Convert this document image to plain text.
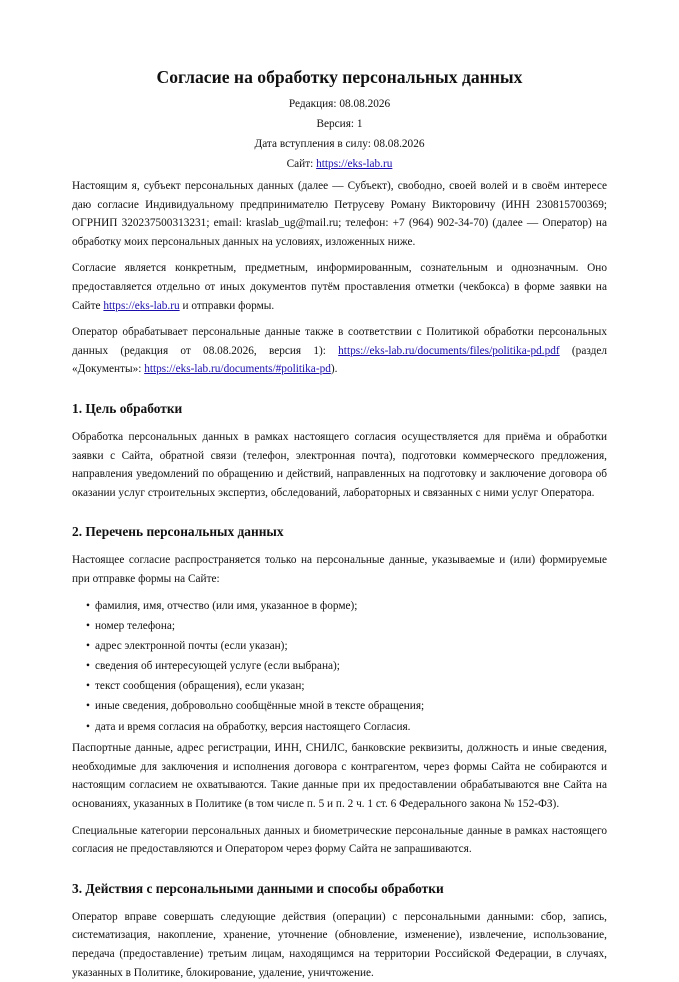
Согласие на обработку персональных данных
Редакция: 08.08.2026
Версия: 1
Дата вступления в силу: 08.08.2026
Сайт: https://eks-lab.ru

Настоящим я, субъект персональных данных (далее — Субъект), свободно, своей волей и в своём интересе даю согласие Индивидуальному предпринимателю Петрусеву Роману Викторовичу (ИНН 230815700369; ОГРНИП 320237500313231; email: kraslab_ug@mail.ru; телефон: +7 (964) 902-34-70) (далее — Оператор) на обработку моих персональных данных на условиях, изложенных ниже.

Согласие является конкретным, предметным, информированным, сознательным и однозначным. Оно предоставляется отдельно от иных документов путём проставления отметки (чекбокса) в форме заявки на Сайте https://eks-lab.ru и отправки формы.

Оператор обрабатывает персональные данные также в соответствии с Политикой обработки персональных данных (редакция от 08.08.2026, версия 1): https://eks-lab.ru/documents/files/politika-pd.pdf (раздел «Документы»: https://eks-lab.ru/documents/#politika-pd).

1. Цель обработки

Обработка персональных данных в рамках настоящего согласия осуществляется для приёма и обработки заявки с Сайта, обратной связи (телефон, электронная почта), подготовки коммерческого предложения, направления уведомлений по обращению и действий, направленных на подготовку и заключение договора об оказании услуг строительных экспертиз, обследований, лабораторных и связанных с ними услуг Оператора.

2. Перечень персональных данных

Настоящее согласие распространяется только на персональные данные, указываемые и (или) формируемые при отправке формы на Сайте:

• фамилия, имя, отчество (или имя, указанное в форме);
• номер телефона;
• адрес электронной почты (если указан);
• сведения об интересующей услуге (если выбрана);
• текст сообщения (обращения), если указан;
• иные сведения, добровольно сообщённые мной в тексте обращения;
• дата и время согласия на обработку, версия настоящего Согласия.

Паспортные данные, адрес регистрации, ИНН, СНИЛС, банковские реквизиты, должность и иные сведения, необходимые для заключения и исполнения договора с контрагентом, через формы Сайта не собираются и настоящим согласием не охватываются. Такие данные при их предоставлении обрабатываются вне Сайта на основаниях, указанных в Политике (в том числе п. 5 и п. 2 ч. 1 ст. 6 Федерального закона № 152-ФЗ).

Специальные категории персональных данных и биометрические персональные данные в рамках настоящего согласия не предоставляются и Оператором через форму Сайта не запрашиваются.

3. Действия с персональными данными и способы обработки

Оператор вправе совершать следующие действия (операции) с персональными данными: сбор, запись, систематизация, накопление, хранение, уточнение (обновление, изменение), извлечение, использование, передача (предоставление) третьим лицам, находящимся на территории Российской Федерации, в случаях, указанных в Политике, блокирование, удаление, уничтожение.
